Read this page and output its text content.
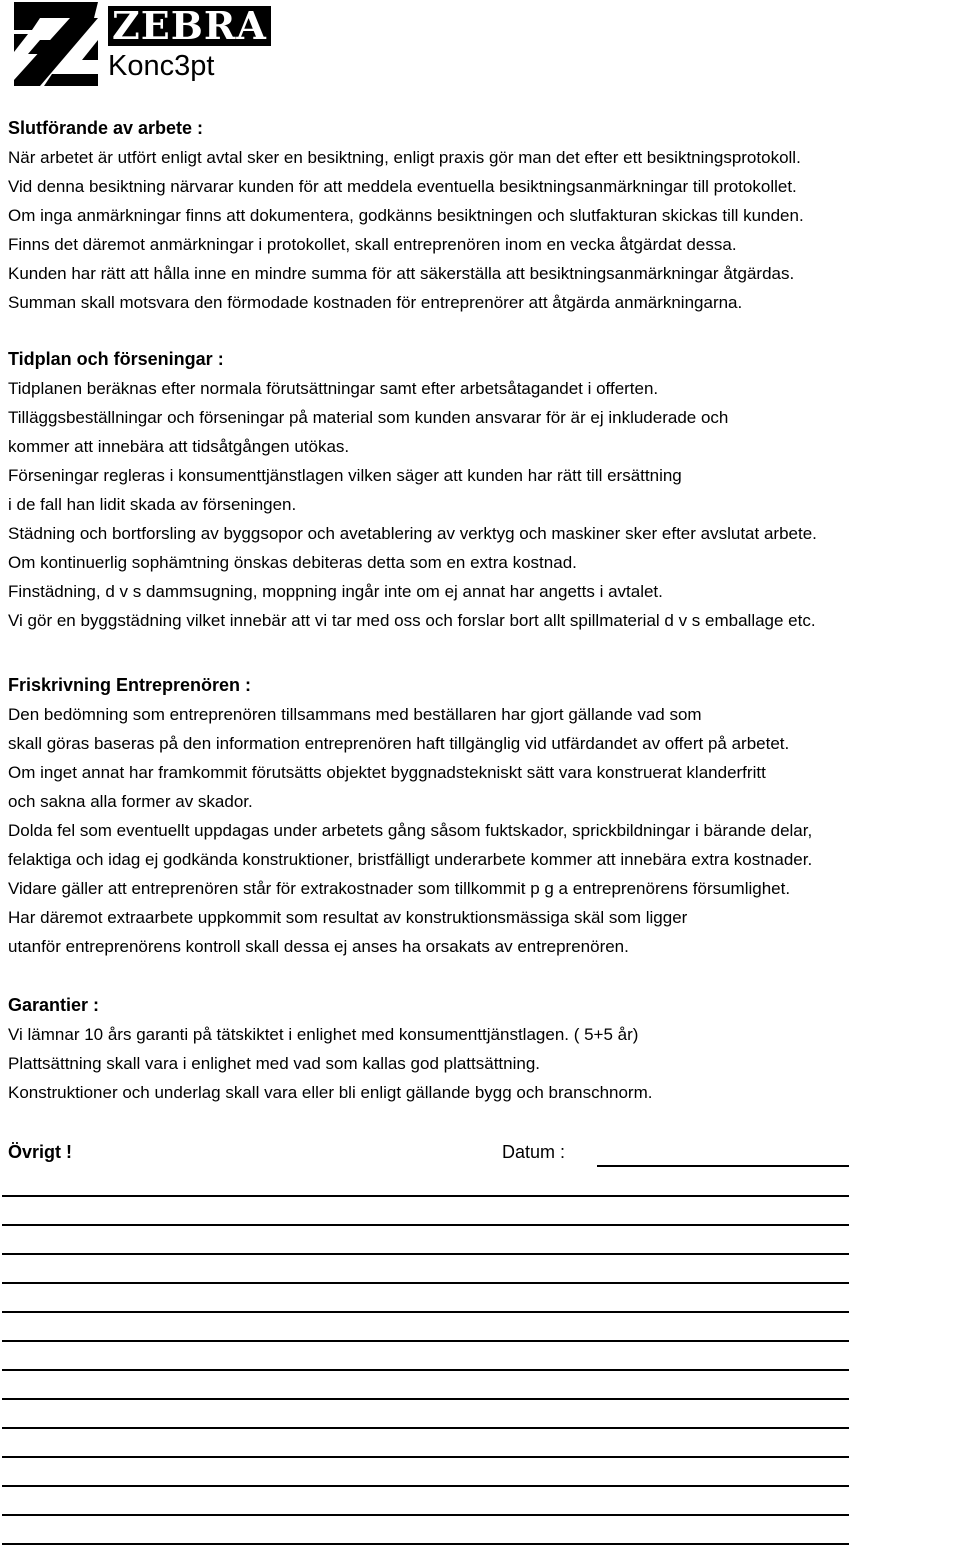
ZEBRA
Konc3pt

Slutförande av arbete :

När arbetet är utfört enligt avtal sker en besiktning, enligt praxis gör man det efter ett besiktningsprotokoll.

Vid denna besiktning närvarar kunden för att meddela eventuella besiktningsanmärkningar till protokollet.

Om inga anmärkningar finns att dokumentera, godkänns besiktningen och slutfakturan skickas till kunden.

Finns det däremot anmärkningar i protokollet, skall entreprenören inom en vecka åtgärdat dessa.

Kunden har rätt att hålla inne en mindre summa för att säkerställa att besiktningsanmärkningar åtgärdas.

Summan skall motsvara den förmodade kostnaden för entreprenörer att åtgärda anmärkningarna.

Tidplan och förseningar :

Tidplanen beräknas efter normala förutsättningar samt efter arbetsåtagandet i offerten.

Tilläggsbeställningar och förseningar på material som kunden ansvarar för är ej inkluderade och

kommer att innebära att tidsåtgången utökas.

Förseningar regleras i konsumenttjänstlagen vilken säger att kunden har rätt till ersättning

i de fall han lidit skada av förseningen.

Städning och bortforsling av byggsopor och avetablering av verktyg och maskiner sker efter avslutat arbete.

Om kontinuerlig sophämtning önskas debiteras detta som en extra kostnad.

Finstädning, d v s dammsugning, moppning ingår inte om ej annat har angetts i avtalet.

Vi gör en byggstädning vilket innebär att vi tar med oss och forslar bort allt spillmaterial d v s emballage etc.

Friskrivning Entreprenören :

Den bedömning som entreprenören tillsammans med beställaren har gjort gällande vad som

skall göras baseras på den information entreprenören haft tillgänglig vid utfärdandet av offert på arbetet.

Om inget annat har framkommit förutsätts objektet byggnadstekniskt sätt vara konstruerat klanderfritt

och sakna alla former av skador.

Dolda fel som eventuellt uppdagas under arbetets gång såsom fuktskador, sprickbildningar i bärande delar,

felaktiga och idag ej godkända konstruktioner, bristfälligt underarbete kommer att innebära extra kostnader.

Vidare gäller att entreprenören står för extrakostnader som tillkommit p g a entreprenörens försumlighet.

Har däremot extraarbete uppkommit som resultat av konstruktionsmässiga skäl som ligger

utanför entreprenörens kontroll skall dessa ej anses ha orsakats av entreprenören.

Garantier :

Vi lämnar 10 års garanti på tätskiktet i enlighet med konsumenttjänstlagen. ( 5+5 år)

Plattsättning skall vara i enlighet med vad som kallas god plattsättning.

Konstruktioner och underlag skall vara eller bli enligt gällande bygg och branschnorm.

Övrigt !	Datum :
